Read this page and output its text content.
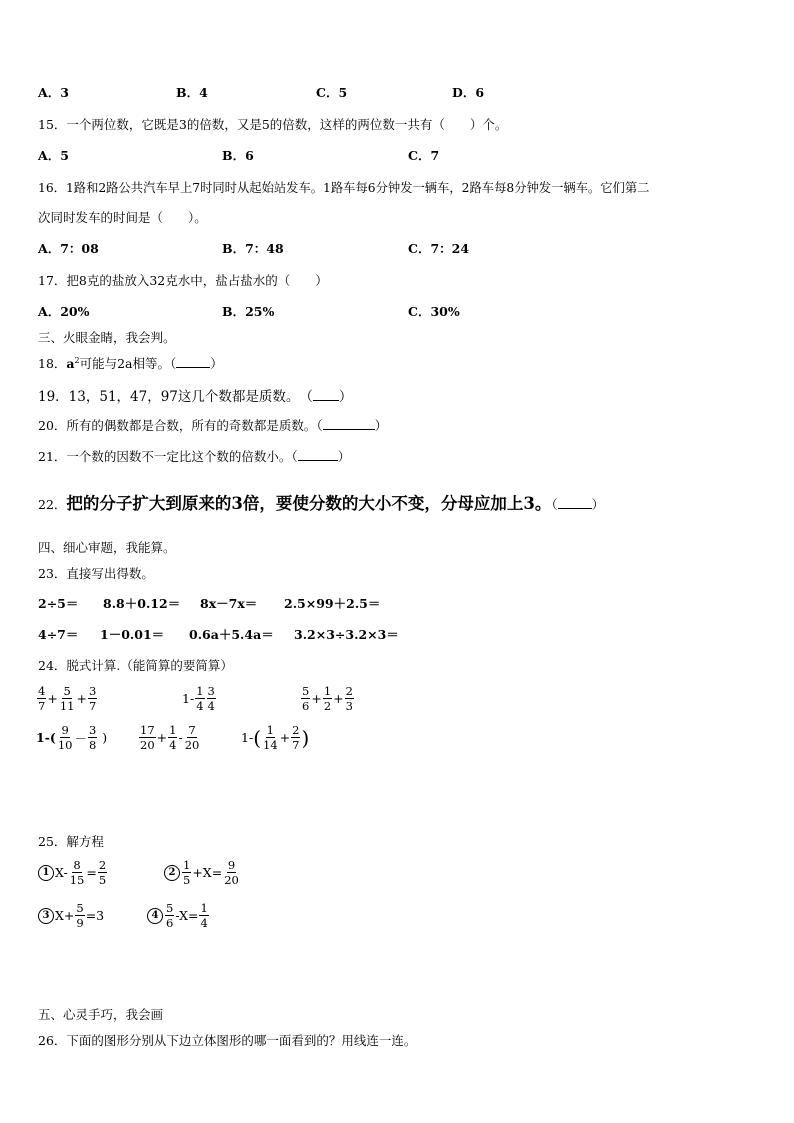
A．3	B．4	C．5	D．6
15．一个两位数，它既是3的倍数，又是5的倍数，这样的两位数一共有（　　）个。
A．5	B．6	C．7
16．1路和2路公共汽车早上7时同时从起始站发车。1路车每6分钟发一辆车，2路车每8分钟发一辆车。它们第二
次同时发车的时间是（　　）。
A．7：08	B．7：48	C．7：24
17．把8克的盐放入32克水中，盐占盐水的（　　）
A．20%	B．25%	C．30%
三、火眼金睛，我会判。
18．$a^2$可能与2a相等。（	）
19．13，51，47，97这几个数都是质数。　 （ ）
20．所有的偶数都是合数，所有的奇数都是质数。（	）
21．一个数的因数不一定比这个数的倍数小。（	）
22．把的分子扩大到原来的3倍，要使分数的大小不变，分母应加上3。（	）
四、细心审题，我能算。
23．直接写出得数。
2÷5＝ 8.8＋0.12＝ 8x－7x＝ 2.5×99＋2.5＝
4÷7＝ 1－0.01＝ 0.6a＋5.4a＝ 3.2×3÷3.2×3＝
24．脱式计算.（能简算的要简算）
$\frac{4}{7} + \frac{5}{11} + \frac{3}{7}$	$1- \frac{1}{4} \frac{3}{4}$	$\frac{5}{6} + \frac{1}{2} + \frac{2}{3}$
$1-( \frac{9}{10} - \frac{3}{8}$ )	$\frac{17}{20} + \frac{1}{4} - \frac{7}{20}$	1- ( $\frac{1}{14} + \frac{2}{7}$ )
25．解方程
1 $X- \frac{8}{15} = \frac{2}{5}$	$2 \frac{1}{5} +X= \frac{9}{20}$
3 $X+ \frac{5}{9} =3$	$4 \frac{5}{6} -X= \frac{1}{4}$
五、心灵手巧，我会画
26．下面的图形分别从下边立体图形的哪一面看到的？用线连一连。
